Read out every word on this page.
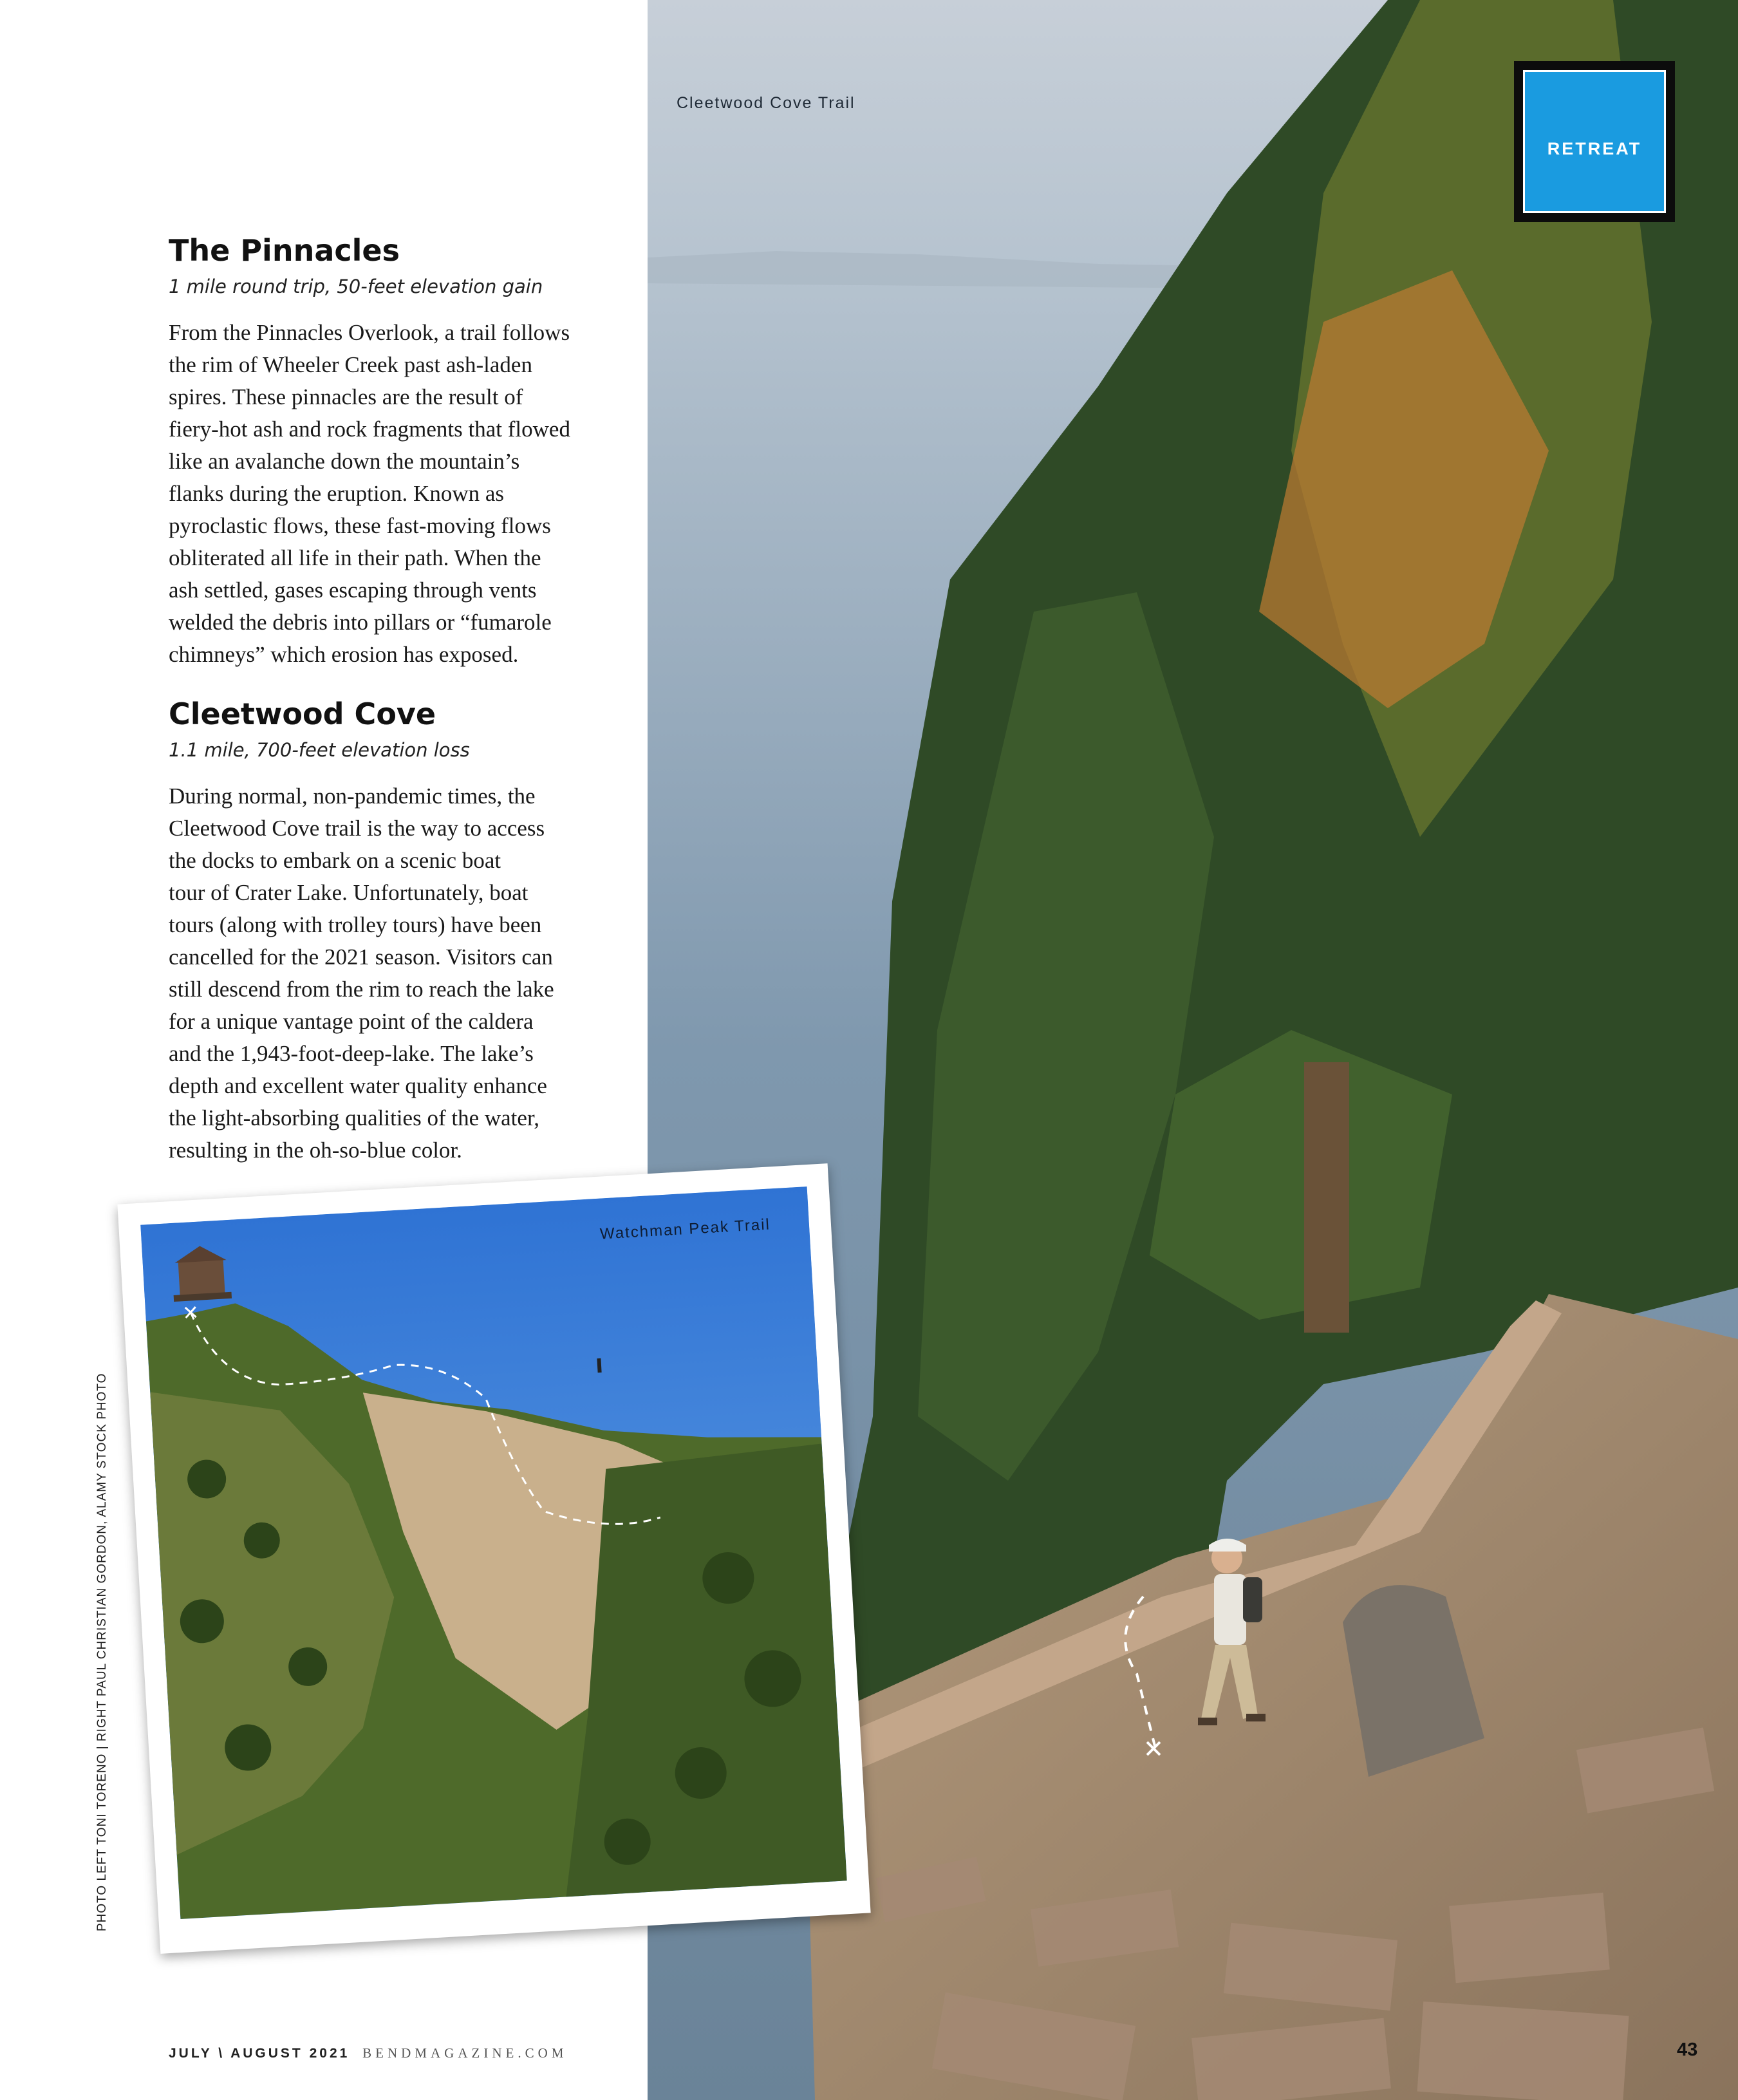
Cleetwood Cove Trail
RETREAT
The Pinnacles
1 mile round trip, 50-feet elevation gain
From the Pinnacles Overlook, a trail follows
the rim of Wheeler Creek past ash-laden
spires. These pinnacles are the result of
fiery-hot ash and rock fragments that flowed
like an avalanche down the mountain’s
flanks during the eruption. Known as
pyroclastic flows, these fast-moving flows
obliterated all life in their path. When the
ash settled, gases escaping through vents
welded the debris into pillars or “fumarole
chimneys” which erosion has exposed.
Cleetwood Cove
1.1 mile, 700-feet elevation loss
During normal, non-pandemic times, the
Cleetwood Cove trail is the way to access
the docks to embark on a scenic boat
tour of Crater Lake. Unfortunately, boat
tours (along with trolley tours) have been
cancelled for the 2021 season. Visitors can
still descend from the rim to reach the lake
for a unique vantage point of the caldera
and the 1,943-foot-deep-lake. The lake’s
depth and excellent water quality enhance
the light-absorbing qualities of the water,
resulting in the oh-so-blue color.
Watchman Peak Trail
PHOTO LEFT TONI TORENO | RIGHT PAUL CHRISTIAN GORDON, ALAMY STOCK PHOTO
JULY \ AUGUST 2021 BENDMAGAZINE.COM	43
